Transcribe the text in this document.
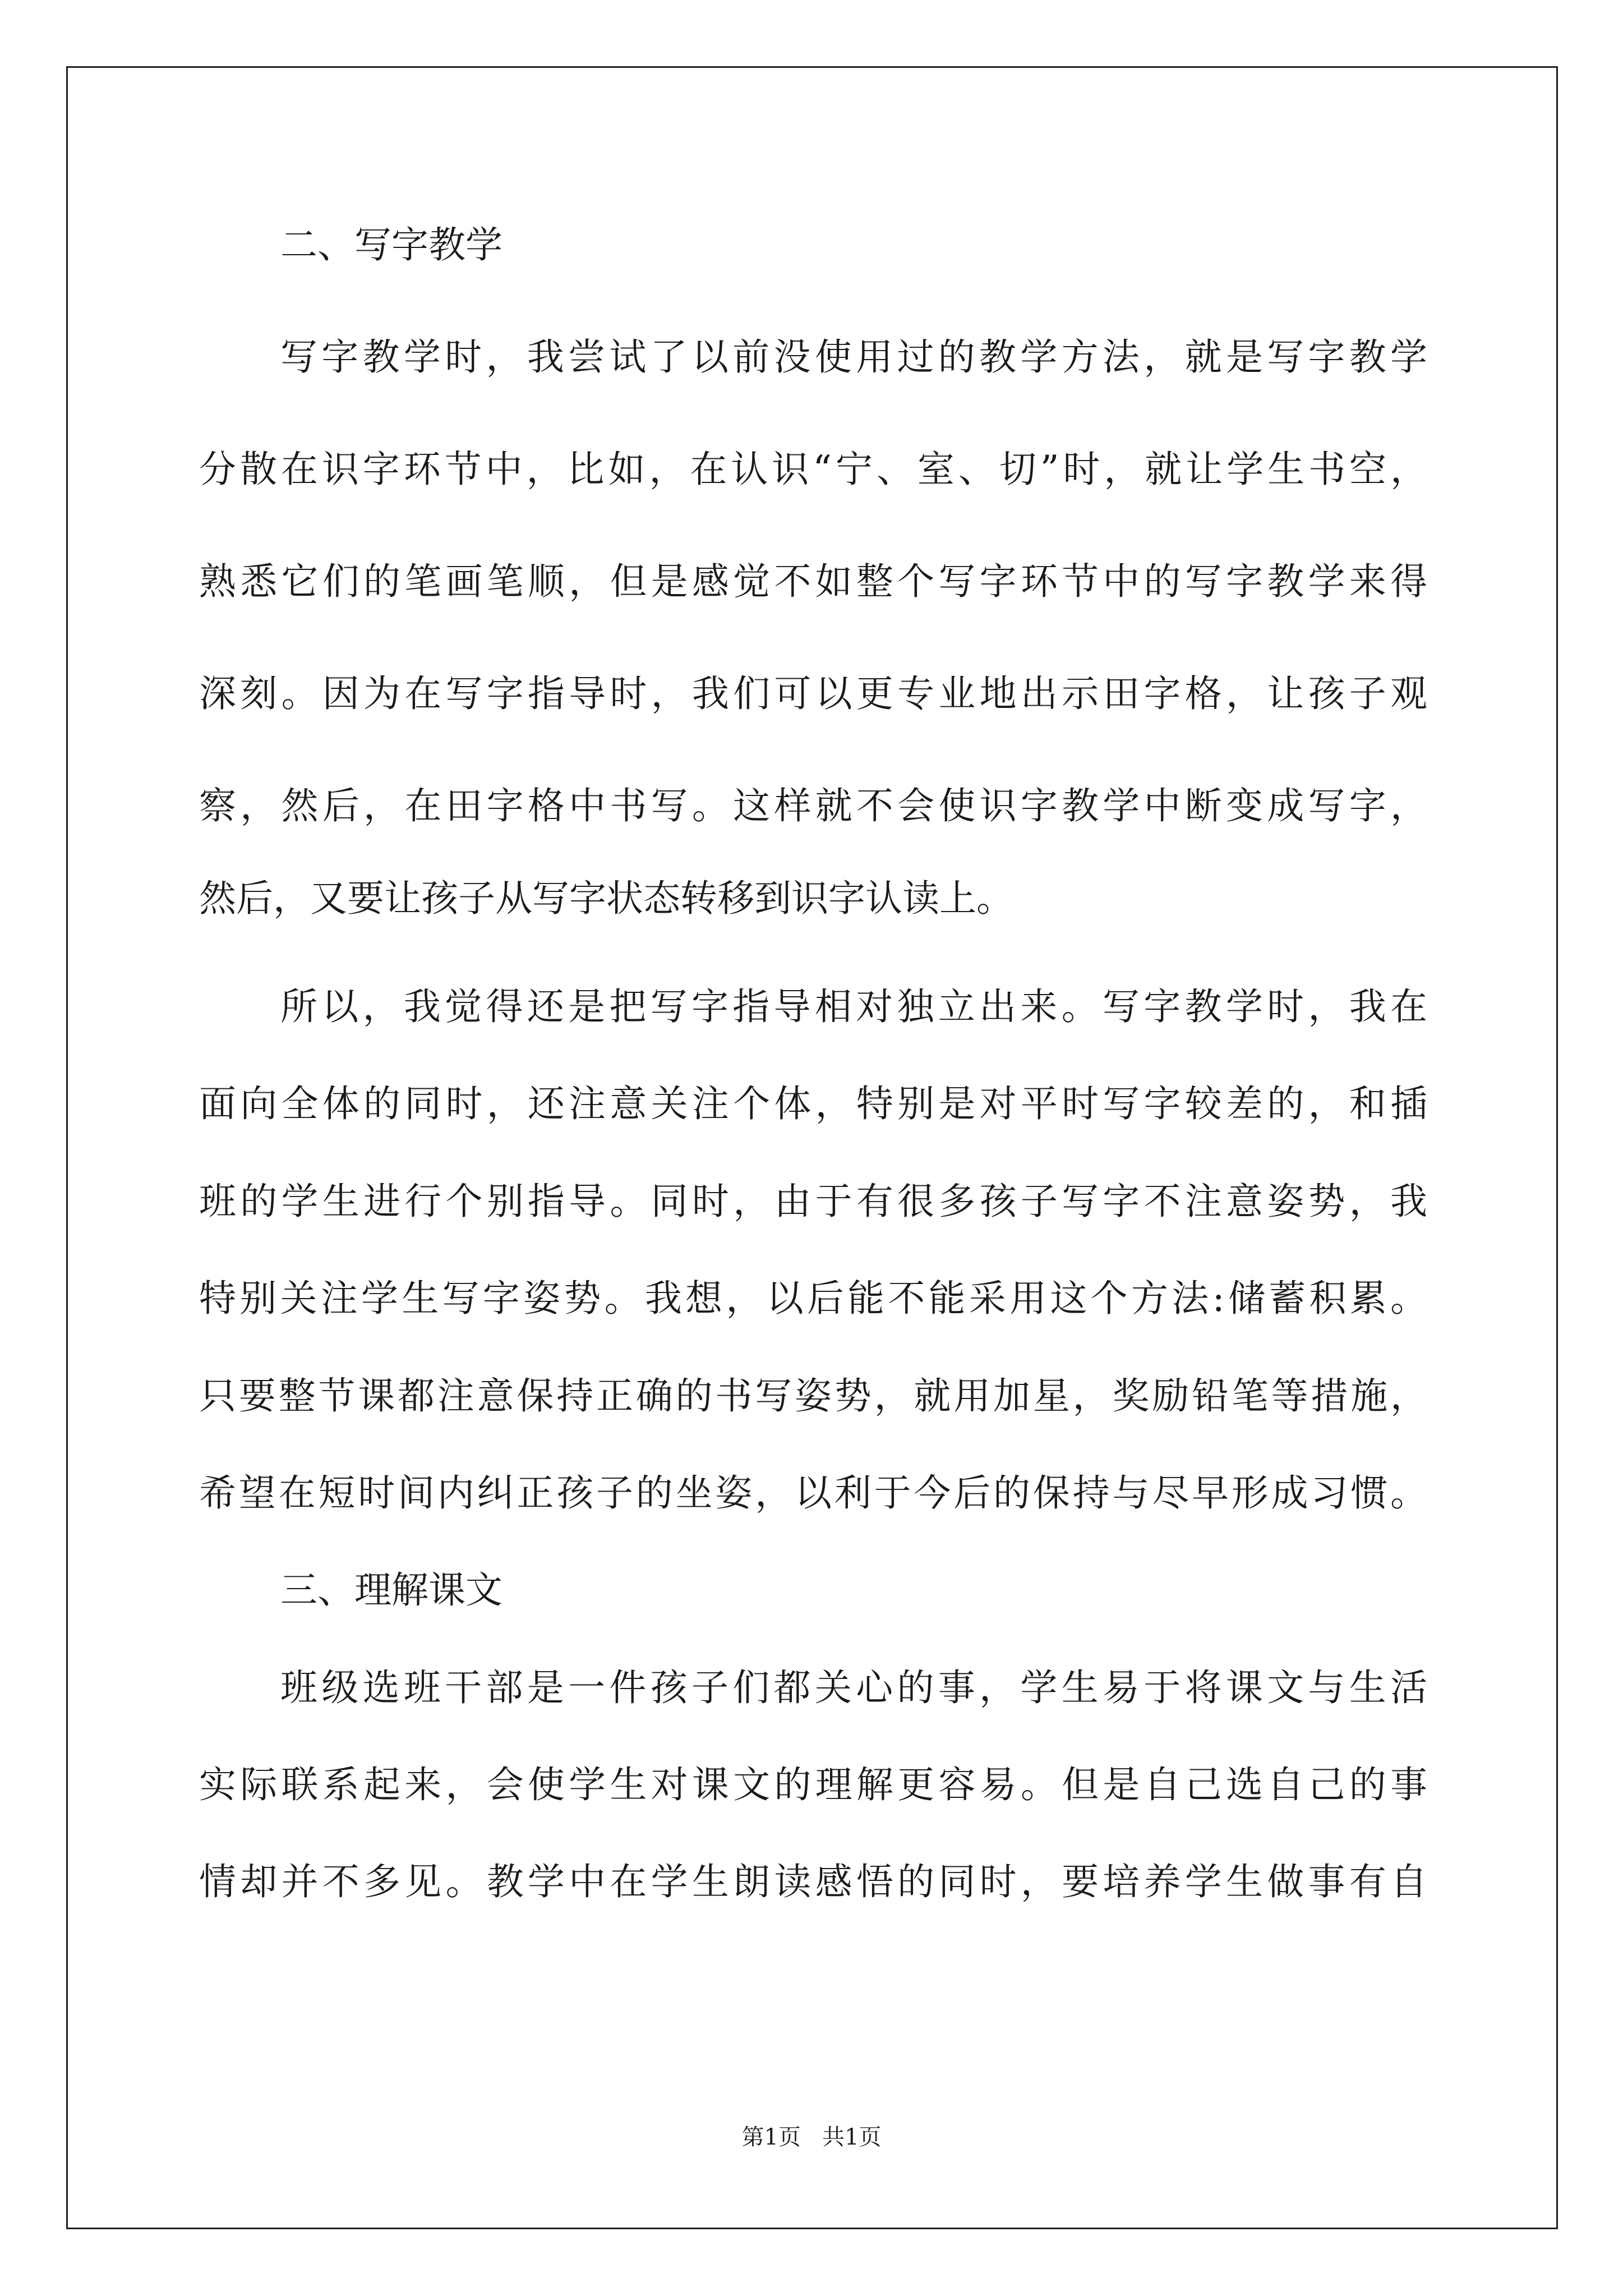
二、写字教学
写字教学时，我尝试了以前没使用过的教学方法，就是写字教学
分散在识字环节中，比如，在认识“宁、室、切”时，就让学生书空，
熟悉它们的笔画笔顺，但是感觉不如整个写字环节中的写字教学来得
深刻。因为在写字指导时，我们可以更专业地出示田字格，让孩子观
察，然后，在田字格中书写。这样就不会使识字教学中断变成写字，
然后，又要让孩子从写字状态转移到识字认读上。
所以，我觉得还是把写字指导相对独立出来。写字教学时，我在
面向全体的同时，还注意关注个体，特别是对平时写字较差的，和插
班的学生进行个别指导。同时，由于有很多孩子写字不注意姿势，我
特别关注学生写字姿势。我想，以后能不能采用这个方法:储蓄积累。
只要整节课都注意保持正确的书写姿势，就用加星，奖励铅笔等措施，
希望在短时间内纠正孩子的坐姿，以利于今后的保持与尽早形成习惯。
三、理解课文
班级选班干部是一件孩子们都关心的事，学生易于将课文与生活
实际联系起来，会使学生对课文的理解更容易。但是自己选自己的事
情却并不多见。教学中在学生朗读感悟的同时，要培养学生做事有自
第1页   共1页
